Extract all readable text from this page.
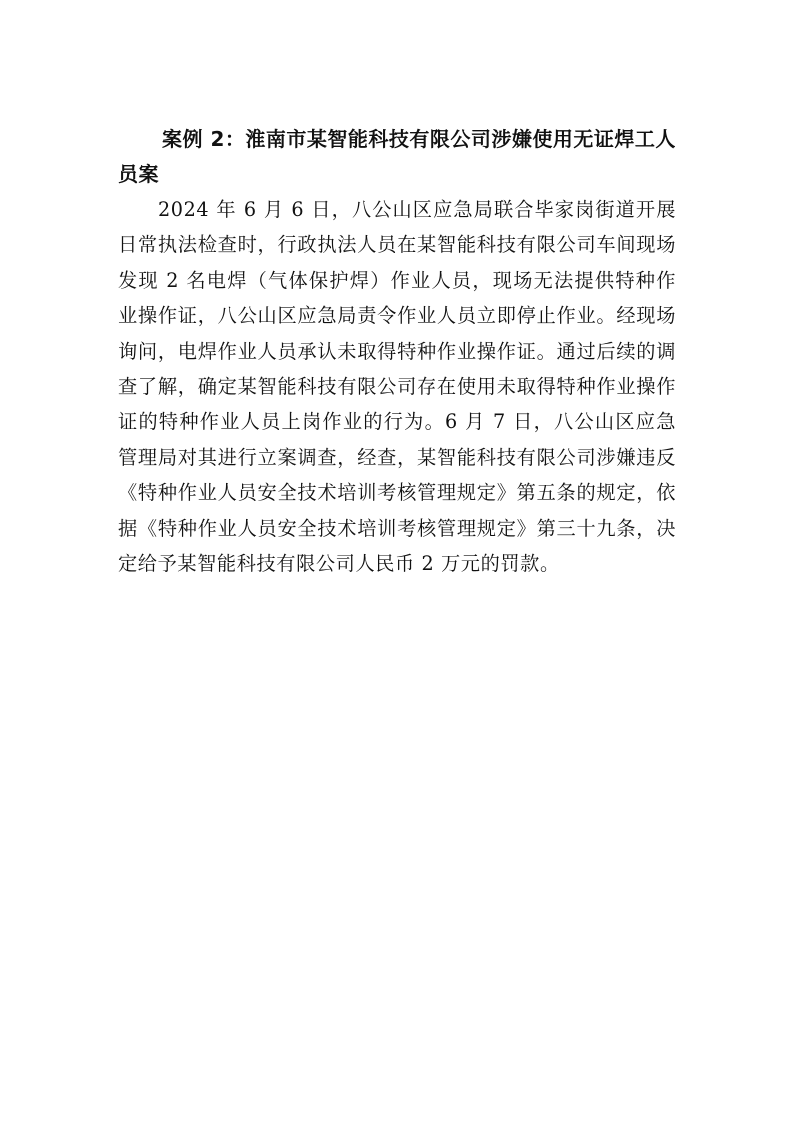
案例 2：淮南市某智能科技有限公司涉嫌使用无证焊工人员案

2024 年 6 月 6 日，八公山区应急局联合毕家岗街道开展日常执法检查时，行政执法人员在某智能科技有限公司车间现场发现 2 名电焊（气体保护焊）作业人员，现场无法提供特种作业操作证，八公山区应急局责令作业人员立即停止作业。经现场询问，电焊作业人员承认未取得特种作业操作证。通过后续的调查了解，确定某智能科技有限公司存在使用未取得特种作业操作证的特种作业人员上岗作业的行为。6 月 7 日，八公山区应急管理局对其进行立案调查，经查，某智能科技有限公司涉嫌违反《特种作业人员安全技术培训考核管理规定》第五条的规定，依据《特种作业人员安全技术培训考核管理规定》第三十九条，决定给予某智能科技有限公司人民币 2 万元的罚款。
